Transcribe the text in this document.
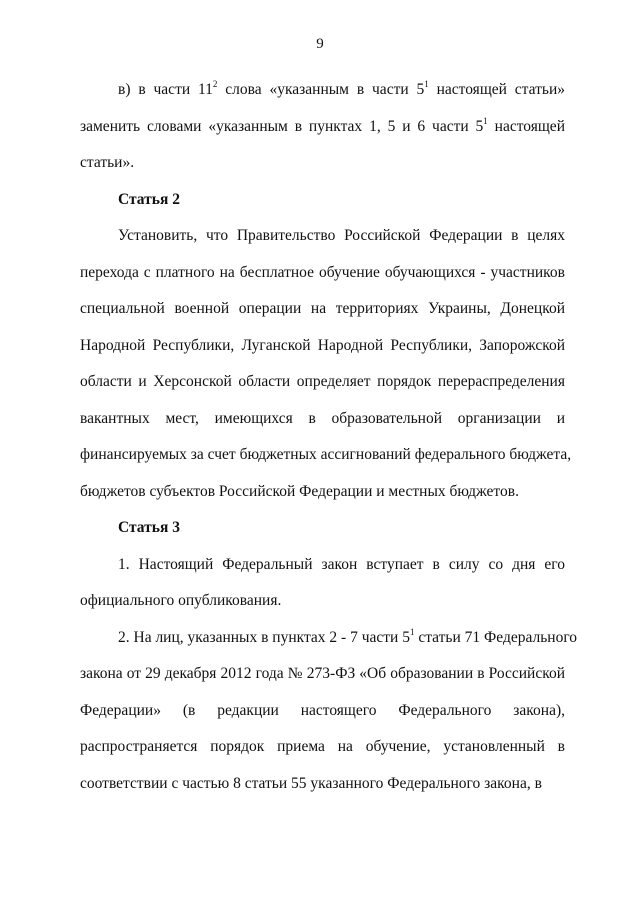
9
в) в части $11^2$ слова «указанным в части $5^1$ настоящей статьи»
заменить словами «указанным в пунктах 1, 5 и 6 части $5^1$ настоящей
статьи».
Статья 2
Установить, что Правительство Российской Федерации в целях
перехода с платного на бесплатное обучение обучающихся - участников
специальной военной операции на территориях Украины, Донецкой
Народной Республики, Луганской Народной Республики, Запорожской
области и Херсонской области определяет порядок перераспределения
вакантных мест, имеющихся в образовательной организации и
финансируемых за счет бюджетных ассигнований федерального бюджета,
бюджетов субъектов Российской Федерации и местных бюджетов.
Статья 3
1. Настоящий Федеральный закон вступает в силу со дня его
официального опубликования.
2. На лиц, указанных в пунктах 2 - 7 части $5^1$ статьи 71 Федерального
закона от 29 декабря 2012 года № 273-ФЗ «Об образовании в Российской
Федерации» (в редакции настоящего Федерального закона),
распространяется порядок приема на обучение, установленный в
соответствии с частью 8 статьи 55 указанного Федерального закона, в
